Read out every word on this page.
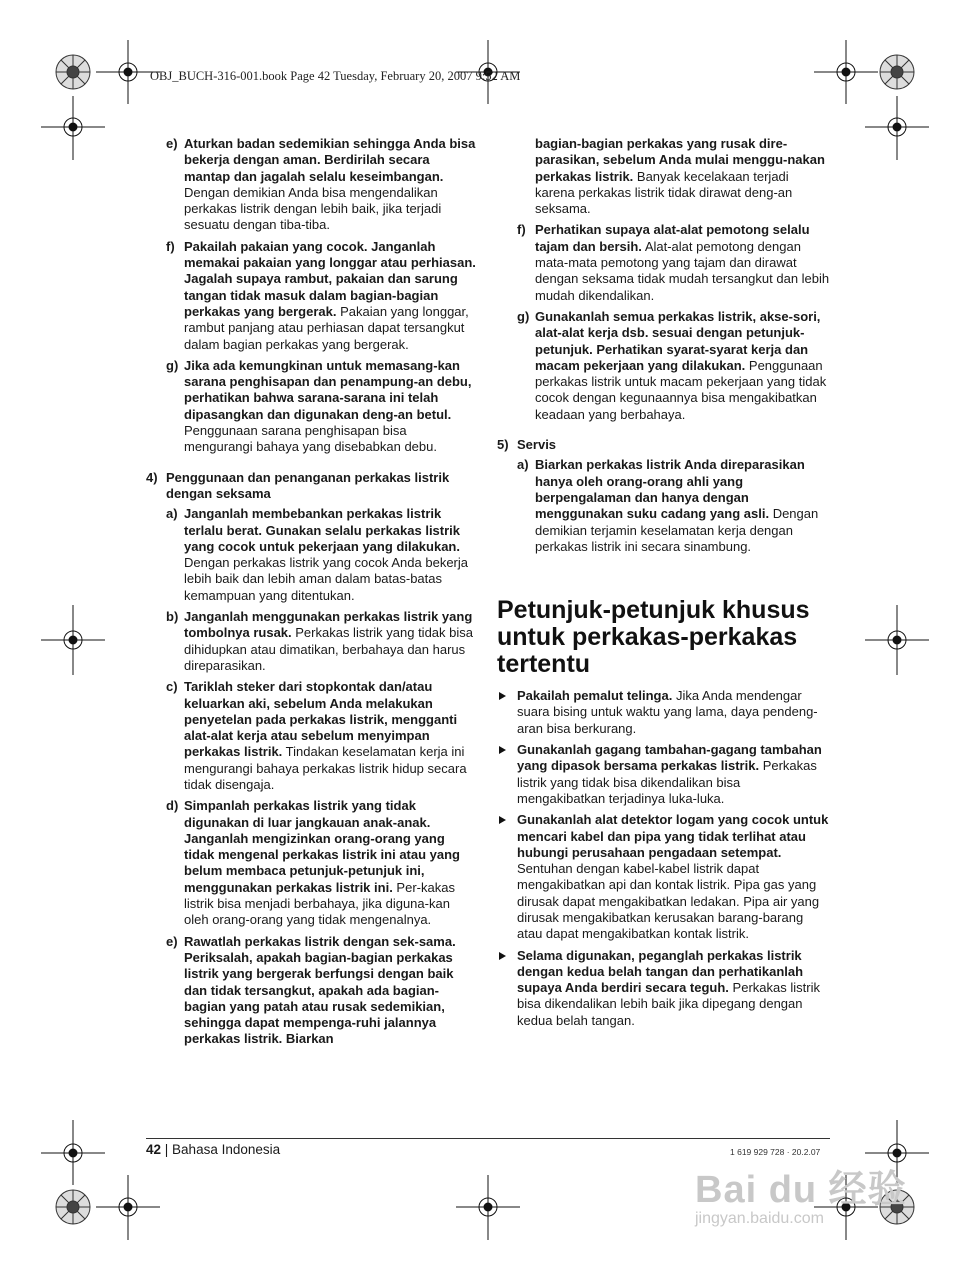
OBJ_BUCH-316-001.book Page 42 Tuesday, February 20, 2007 9:52 AM
e) Aturkan badan sedemikian sehingga Anda bisa bekerja dengan aman. Berdirilah secara mantap dan jagalah selalu keseimbangan. Dengan demikian Anda bisa mengendalikan perkakas listrik dengan lebih baik, jika terjadi sesuatu dengan tiba-tiba.
f) Pakailah pakaian yang cocok. Janganlah memakai pakaian yang longgar atau perhiasan. Jagalah supaya rambut, pakaian dan sarung tangan tidak masuk dalam bagian-bagian perkakas yang bergerak. Pakaian yang longgar, rambut panjang atau perhiasan dapat tersangkut dalam bagian perkakas yang bergerak.
g) Jika ada kemungkinan untuk memasang-kan sarana penghisapan dan penampung-an debu, perhatikan bahwa sarana-sarana ini telah dipasangkan dan digunakan deng-an betul. Penggunaan sarana penghisapan bisa mengurangi bahaya yang disebabkan debu.
4) Penggunaan dan penanganan perkakas listrik dengan seksama
a) Janganlah membebankan perkakas listrik terlalu berat. Gunakan selalu perkakas listrik yang cocok untuk pekerjaan yang dilakukan. Dengan perkakas listrik yang cocok Anda bekerja lebih baik dan lebih aman dalam batas-batas kemampuan yang ditentukan.
b) Janganlah menggunakan perkakas listrik yang tombolnya rusak. Perkakas listrik yang tidak bisa dihidupkan atau dimatikan, berbahaya dan harus direparasikan.
c) Tariklah steker dari stopkontak dan/atau keluarkan aki, sebelum Anda melakukan penyetelan pada perkakas listrik, mengganti alat-alat kerja atau sebelum menyimpan perkakas listrik. Tindakan keselamatan kerja ini mengurangi bahaya perkakas listrik hidup secara tidak disengaja.
d) Simpanlah perkakas listrik yang tidak digunakan di luar jangkauan anak-anak. Janganlah mengizinkan orang-orang yang tidak mengenal perkakas listrik ini atau yang belum membaca petunjuk-petunjuk ini, menggunakan perkakas listrik ini. Per-kakas listrik bisa menjadi berbahaya, jika diguna-kan oleh orang-orang yang tidak mengenalnya.
e) Rawatlah perkakas listrik dengan sek-sama. Periksalah, apakah bagian-bagian perkakas listrik yang bergerak berfungsi dengan baik dan tidak tersangkut, apakah ada bagian-bagian yang patah atau rusak sedemikian, sehingga dapat mempenga-ruhi jalannya perkakas listrik. Biarkan
bagian-bagian perkakas yang rusak dire-parasikan, sebelum Anda mulai menggu-nakan perkakas listrik. Banyak kecelakaan terjadi karena perkakas listrik tidak dirawat deng-an seksama.
f) Perhatikan supaya alat-alat pemotong selalu tajam dan bersih. Alat-alat pemotong dengan mata-mata pemotong yang tajam dan dirawat dengan seksama tidak mudah tersangkut dan lebih mudah dikendalikan.
g) Gunakanlah semua perkakas listrik, akse-sori, alat-alat kerja dsb. sesuai dengan petunjuk-petunjuk. Perhatikan syarat-syarat kerja dan macam pekerjaan yang dilakukan. Penggunaan perkakas listrik untuk macam pekerjaan yang tidak cocok dengan kegunaannya bisa mengakibatkan keadaan yang berbahaya.
5) Servis
a) Biarkan perkakas listrik Anda direparasikan hanya oleh orang-orang ahli yang berpengalaman dan hanya dengan menggunakan suku cadang yang asli. Dengan demikian terjamin keselamatan kerja dengan perkakas listrik ini secara sinambung.
Petunjuk-petunjuk khusus untuk perkakas-perkakas tertentu
Pakailah pemalut telinga. Jika Anda mendengar suara bising untuk waktu yang lama, daya pendeng-aran bisa berkurang.
Gunakanlah gagang tambahan-gagang tambahan yang dipasok bersama perkakas listrik. Perkakas listrik yang tidak bisa dikendalikan bisa mengakibatkan terjadinya luka-luka.
Gunakanlah alat detektor logam yang cocok untuk mencari kabel dan pipa yang tidak terlihat atau hubungi perusahaan pengadaan setempat. Sentuhan dengan kabel-kabel listrik dapat mengakibatkan api dan kontak listrik. Pipa gas yang dirusak dapat mengakibatkan ledakan. Pipa air yang dirusak mengakibatkan kerusakan barang-barang atau dapat mengakibatkan kontak listrik.
Selama digunakan, peganglah perkakas listrik dengan kedua belah tangan dan perhatikanlah supaya Anda berdiri secara teguh. Perkakas listrik bisa dikendalikan lebih baik jika dipegang dengan kedua belah tangan.
42 | Bahasa Indonesia	1 619 929 728 · 20.2.07
Bai du 经验
jingyan.baidu.com
